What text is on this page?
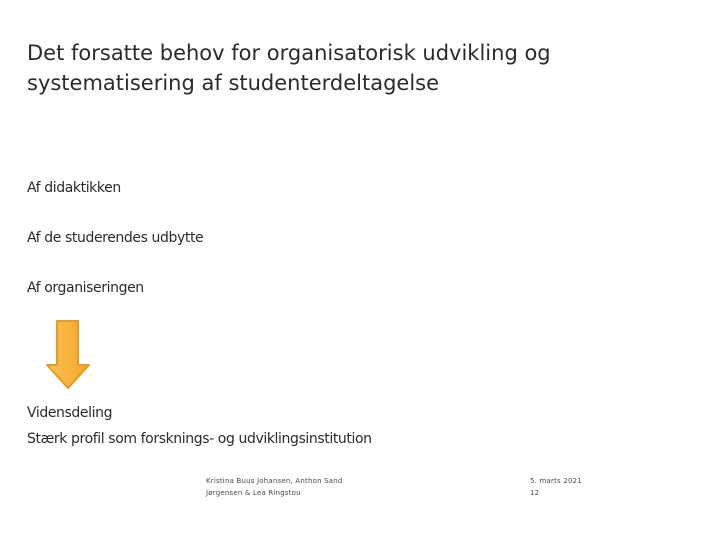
Det forsatte behov for organisatorisk udvikling og
systematisering af studenterdeltagelse
Af didaktikken
Af de studerendes udbytte
Af organiseringen
Vidensdeling
Stærk profil som forsknings- og udviklingsinstitution
Kristina Buus Johansen, Anthon Sand
Jørgensen & Lea Ringstou
5. marts 2021
12
